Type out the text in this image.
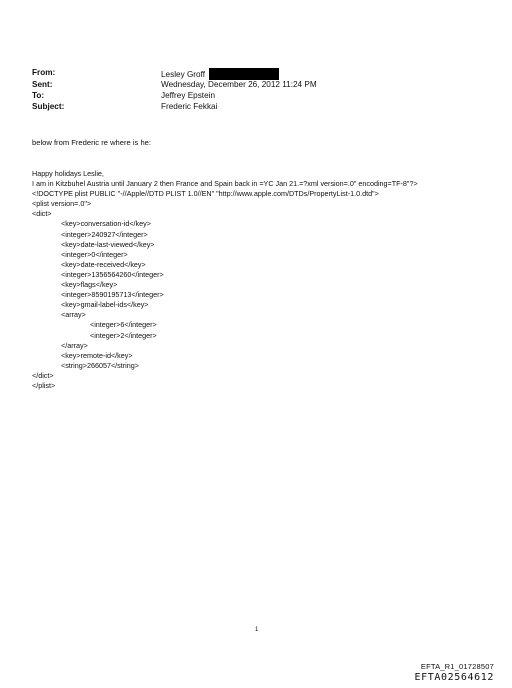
From:	Lesley Groff
Sent:	Wednesday, December 26, 2012 11:24 PM
To:	Jeffrey Epstein
Subject:	Frederic Fekkai
below from Frederic re where is he:
Happy holidays Leslie,
I am in Kitzbuhel Austria until January 2 then France and Spain back in =YC Jan 21.=?xml version=.0" encoding=TF-8"?>
<!DOCTYPE plist PUBLIC "-//Apple//DTD PLIST 1.0//EN" "http://www.apple.com/DTDs/PropertyList-1.0.dtd">
<plist version=.0">
<dict>
<key>conversation-id</key>
<integer>240927</integer>
<key>date-last-viewed</key>
<integer>0</integer>
<key>date-received</key>
<integer>1356564260</integer>
<key>flags</key>
<integer>8590195713</integer>
<key>gmail-label-ids</key>
<array>
<integer>6</integer>
<integer>2</integer>
</array>
<key>remote-id</key>
<string>266057</string>
</dict>
</plist>
1
EFTA_R1_01728507
EFTA02564612
